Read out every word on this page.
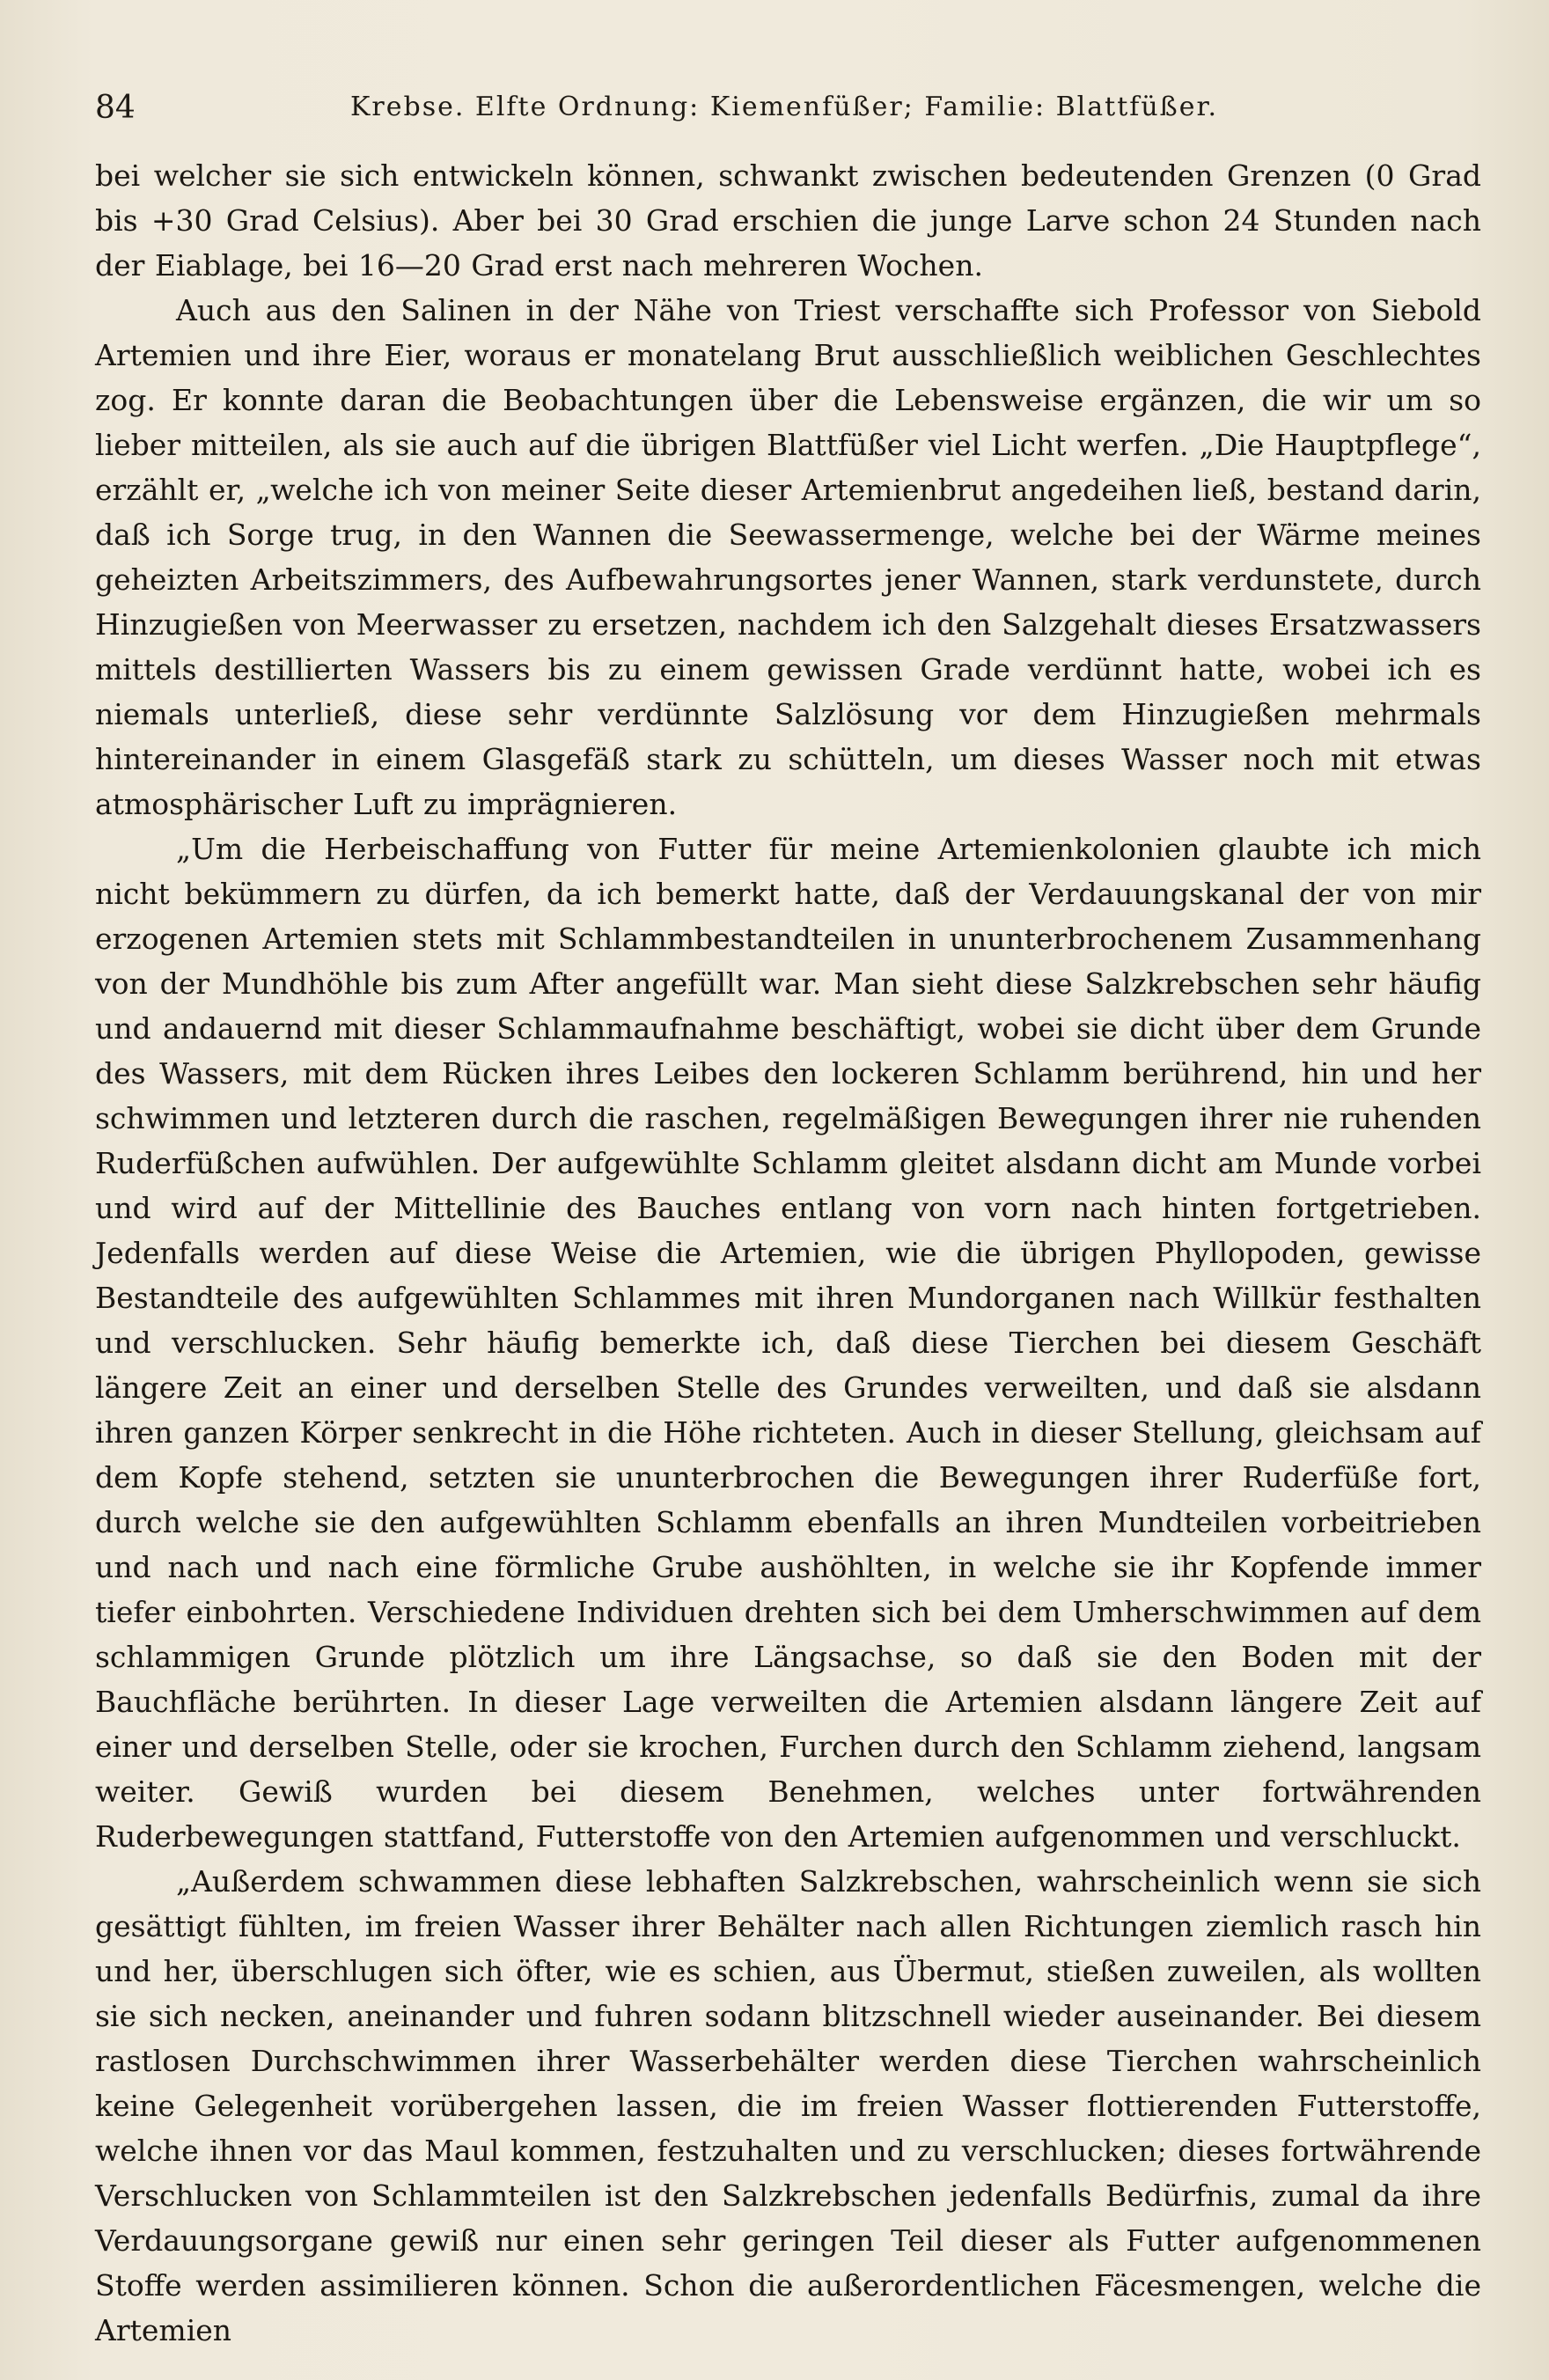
84	Krebse. Elfte Ordnung: Kiemenfüßer; Familie: Blattfüßer.

bei welcher sie sich entwickeln können, schwankt zwischen bedeutenden Grenzen (0 Grad bis +30 Grad Celsius). Aber bei 30 Grad erschien die junge Larve schon 24 Stunden nach der Eiablage, bei 16—20 Grad erst nach mehreren Wochen.

Auch aus den Salinen in der Nähe von Triest verschaffte sich Professor von Siebold Artemien und ihre Eier, woraus er monatelang Brut ausschließlich weiblichen Geschlechtes zog. Er konnte daran die Beobachtungen über die Lebensweise ergänzen, die wir um so lieber mitteilen, als sie auch auf die übrigen Blattfüßer viel Licht werfen. „Die Hauptpflege“, erzählt er, „welche ich von meiner Seite dieser Artemienbrut angedeihen ließ, bestand darin, daß ich Sorge trug, in den Wannen die Seewassermenge, welche bei der Wärme meines geheizten Arbeitszimmers, des Aufbewahrungsortes jener Wannen, stark verdunstete, durch Hinzugießen von Meerwasser zu ersetzen, nachdem ich den Salzgehalt dieses Ersatzwassers mittels destillierten Wassers bis zu einem gewissen Grade verdünnt hatte, wobei ich es niemals unterließ, diese sehr verdünnte Salzlösung vor dem Hinzugießen mehrmals hintereinander in einem Glasgefäß stark zu schütteln, um dieses Wasser noch mit etwas atmosphärischer Luft zu imprägnieren.

„Um die Herbeischaffung von Futter für meine Artemienkolonien glaubte ich mich nicht bekümmern zu dürfen, da ich bemerkt hatte, daß der Verdauungskanal der von mir erzogenen Artemien stets mit Schlammbestandteilen in ununterbrochenem Zusammenhang von der Mundhöhle bis zum After angefüllt war. Man sieht diese Salzkrebschen sehr häufig und andauernd mit dieser Schlammaufnahme beschäftigt, wobei sie dicht über dem Grunde des Wassers, mit dem Rücken ihres Leibes den lockeren Schlamm berührend, hin und her schwimmen und letzteren durch die raschen, regelmäßigen Bewegungen ihrer nie ruhenden Ruderfüßchen aufwühlen. Der aufgewühlte Schlamm gleitet alsdann dicht am Munde vorbei und wird auf der Mittellinie des Bauches entlang von vorn nach hinten fortgetrieben. Jedenfalls werden auf diese Weise die Artemien, wie die übrigen Phyllopoden, gewisse Bestandteile des aufgewühlten Schlammes mit ihren Mundorganen nach Willkür festhalten und verschlucken. Sehr häufig bemerkte ich, daß diese Tierchen bei diesem Geschäft längere Zeit an einer und derselben Stelle des Grundes verweilten, und daß sie alsdann ihren ganzen Körper senkrecht in die Höhe richteten. Auch in dieser Stellung, gleichsam auf dem Kopfe stehend, setzten sie ununterbrochen die Bewegungen ihrer Ruderfüße fort, durch welche sie den aufgewühlten Schlamm ebenfalls an ihren Mundteilen vorbeitrieben und nach und nach eine förmliche Grube aushöhlten, in welche sie ihr Kopfende immer tiefer einbohrten. Verschiedene Individuen drehten sich bei dem Umherschwimmen auf dem schlammigen Grunde plötzlich um ihre Längsachse, so daß sie den Boden mit der Bauchfläche berührten. In dieser Lage verweilten die Artemien alsdann längere Zeit auf einer und derselben Stelle, oder sie krochen, Furchen durch den Schlamm ziehend, langsam weiter. Gewiß wurden bei diesem Benehmen, welches unter fortwährenden Ruderbewegungen stattfand, Futterstoffe von den Artemien aufgenommen und verschluckt.

„Außerdem schwammen diese lebhaften Salzkrebschen, wahrscheinlich wenn sie sich gesättigt fühlten, im freien Wasser ihrer Behälter nach allen Richtungen ziemlich rasch hin und her, überschlugen sich öfter, wie es schien, aus Übermut, stießen zuweilen, als wollten sie sich necken, aneinander und fuhren sodann blitzschnell wieder auseinander. Bei diesem rastlosen Durchschwimmen ihrer Wasserbehälter werden diese Tierchen wahrscheinlich keine Gelegenheit vorübergehen lassen, die im freien Wasser flottierenden Futterstoffe, welche ihnen vor das Maul kommen, festzuhalten und zu verschlucken; dieses fortwährende Verschlucken von Schlammteilen ist den Salzkrebschen jedenfalls Bedürfnis, zumal da ihre Verdauungsorgane gewiß nur einen sehr geringen Teil dieser als Futter aufgenommenen Stoffe werden assimilieren können. Schon die außerordentlichen Fäcesmengen, welche die Artemien
